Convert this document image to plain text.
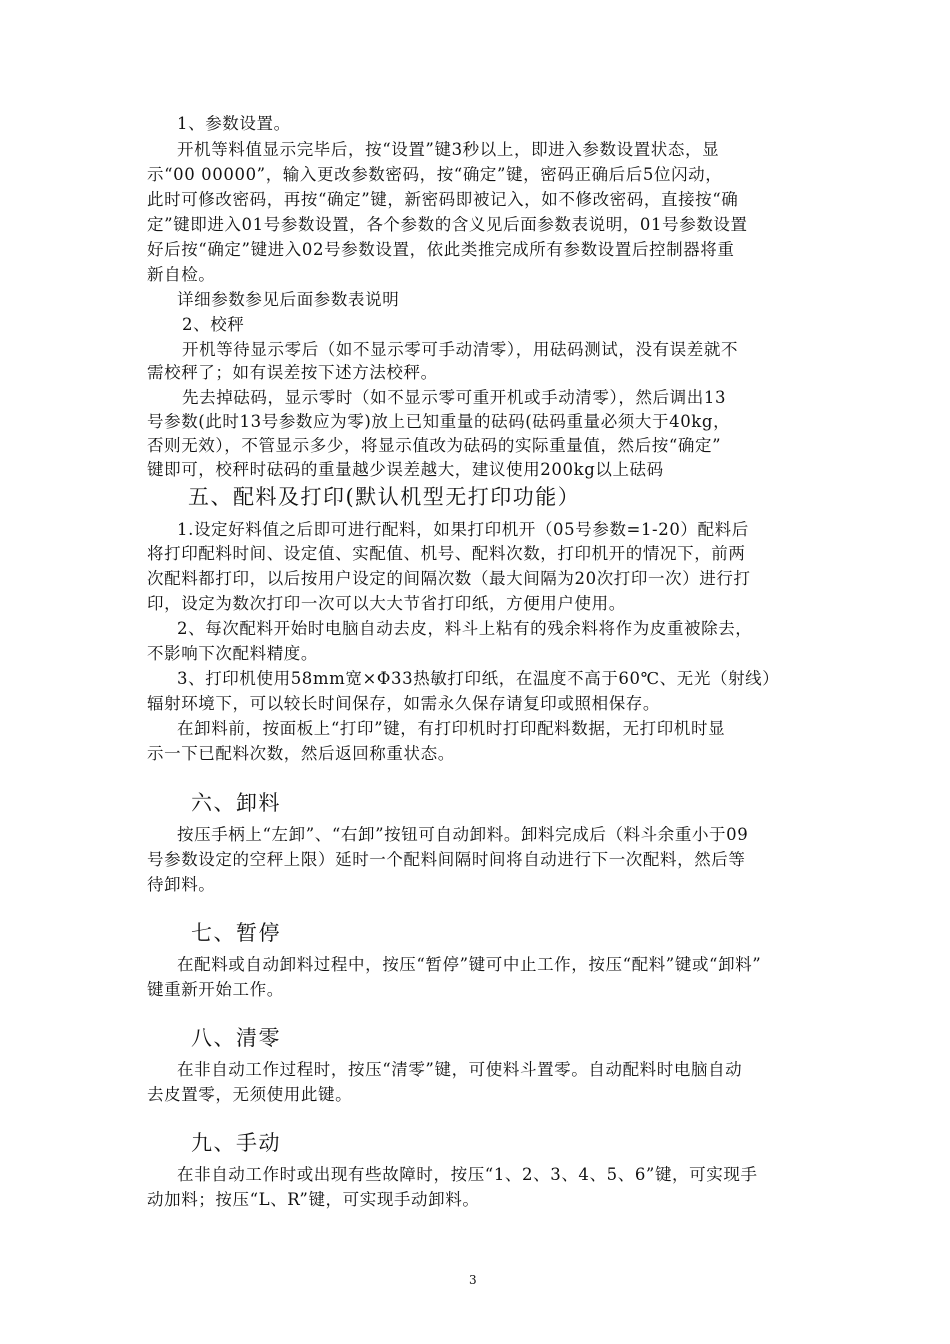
1、参数设置。
开机等料值显示完毕后，按“设置”键3秒以上，即进入参数设置状态，显
示“00 00000”，输入更改参数密码，按“确定”键，密码正确后后5位闪动，
此时可修改密码，再按“确定”键，新密码即被记入，如不修改密码，直接按“确
定”键即进入01号参数设置，各个参数的含义见后面参数表说明，01号参数设置
好后按“确定”键进入02号参数设置，依此类推完成所有参数设置后控制器将重
新自检。
详细参数参见后面参数表说明
2、校秤
开机等待显示零后（如不显示零可手动清零），用砝码测试，没有误差就不
需校秤了；如有误差按下述方法校秤。
先去掉砝码，显示零时（如不显示零可重开机或手动清零），然后调出13
号参数(此时13号参数应为零)放上已知重量的砝码(砝码重量必须大于40kg，
否则无效），不管显示多少，将显示值改为砝码的实际重量值，然后按“确定”
键即可，校秤时砝码的重量越少误差越大，建议使用200kg以上砝码
五、配料及打印(默认机型无打印功能）
1.设定好料值之后即可进行配料，如果打印机开（05号参数=1-20）配料后
将打印配料时间、设定值、实配值、机号、配料次数，打印机开的情况下，前两
次配料都打印，以后按用户设定的间隔次数（最大间隔为20次打印一次）进行打
印，设定为数次打印一次可以大大节省打印纸，方便用户使用。
2、每次配料开始时电脑自动去皮，料斗上粘有的残余料将作为皮重被除去，
不影响下次配料精度。
3、打印机使用58mm宽×Φ33热敏打印纸，在温度不高于60℃、无光（射线）
辐射环境下，可以较长时间保存，如需永久保存请复印或照相保存。
在卸料前，按面板上“打印”键，有打印机时打印配料数据，无打印机时显
示一下已配料次数，然后返回称重状态。
六、卸料
按压手柄上“左卸”、“右卸”按钮可自动卸料。卸料完成后（料斗余重小于09
号参数设定的空秤上限）延时一个配料间隔时间将自动进行下一次配料，然后等
待卸料。
七、暂停
在配料或自动卸料过程中，按压“暂停”键可中止工作，按压“配料”键或“卸料”
键重新开始工作。
八、清零
在非自动工作过程时，按压“清零”键，可使料斗置零。自动配料时电脑自动
去皮置零，无须使用此键。
九、手动
在非自动工作时或出现有些故障时，按压“1、2、3、4、5、6”键，可实现手
动加料；按压“L、R”键，可实现手动卸料。
3
